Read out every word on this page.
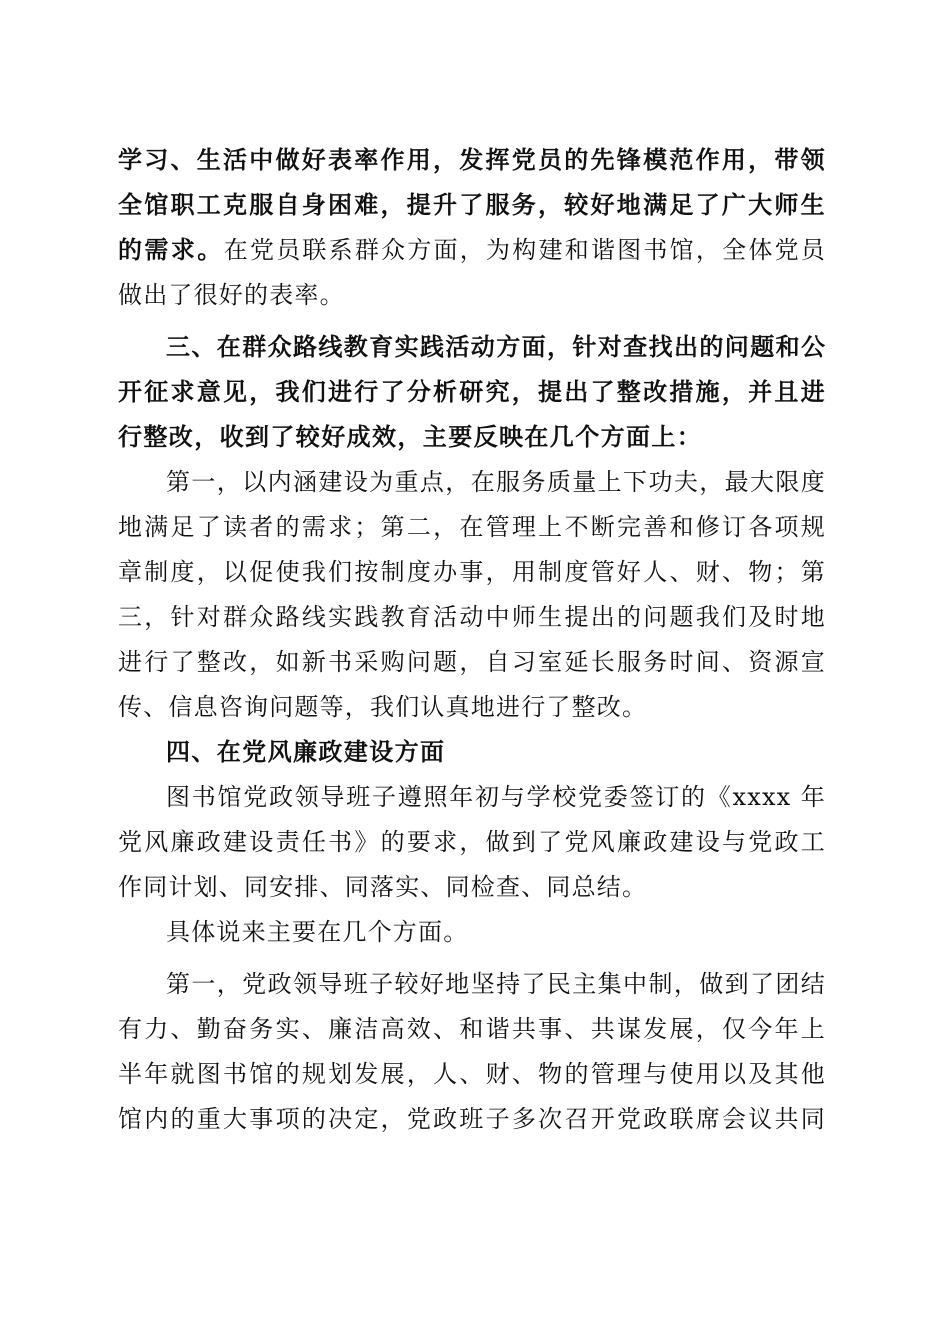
学习、生活中做好表率作用，发挥党员的先锋模范作用，带领
全馆职工克服自身困难，提升了服务，较好地满足了广大师生
的需求。在党员联系群众方面，为构建和谐图书馆，全体党员
做出了很好的表率。
三、在群众路线教育实践活动方面，针对查找出的问题和公
开征求意见，我们进行了分析研究，提出了整改措施，并且进
行整改，收到了较好成效，主要反映在几个方面上：
第一，以内涵建设为重点，在服务质量上下功夫，最大限度
地满足了读者的需求；第二，在管理上不断完善和修订各项规
章制度，以促使我们按制度办事，用制度管好人、财、物；第
三，针对群众路线实践教育活动中师生提出的问题我们及时地
进行了整改，如新书采购问题，自习室延长服务时间、资源宣
传、信息咨询问题等，我们认真地进行了整改。
四、在党风廉政建设方面
图书馆党政领导班子遵照年初与学校党委签订的《xxxx 年
党风廉政建设责任书》的要求，做到了党风廉政建设与党政工
作同计划、同安排、同落实、同检查、同总结。
具体说来主要在几个方面。
第一，党政领导班子较好地坚持了民主集中制，做到了团结
有力、勤奋务实、廉洁高效、和谐共事、共谋发展，仅今年上
半年就图书馆的规划发展，人、财、物的管理与使用以及其他
馆内的重大事项的决定，党政班子多次召开党政联席会议共同
